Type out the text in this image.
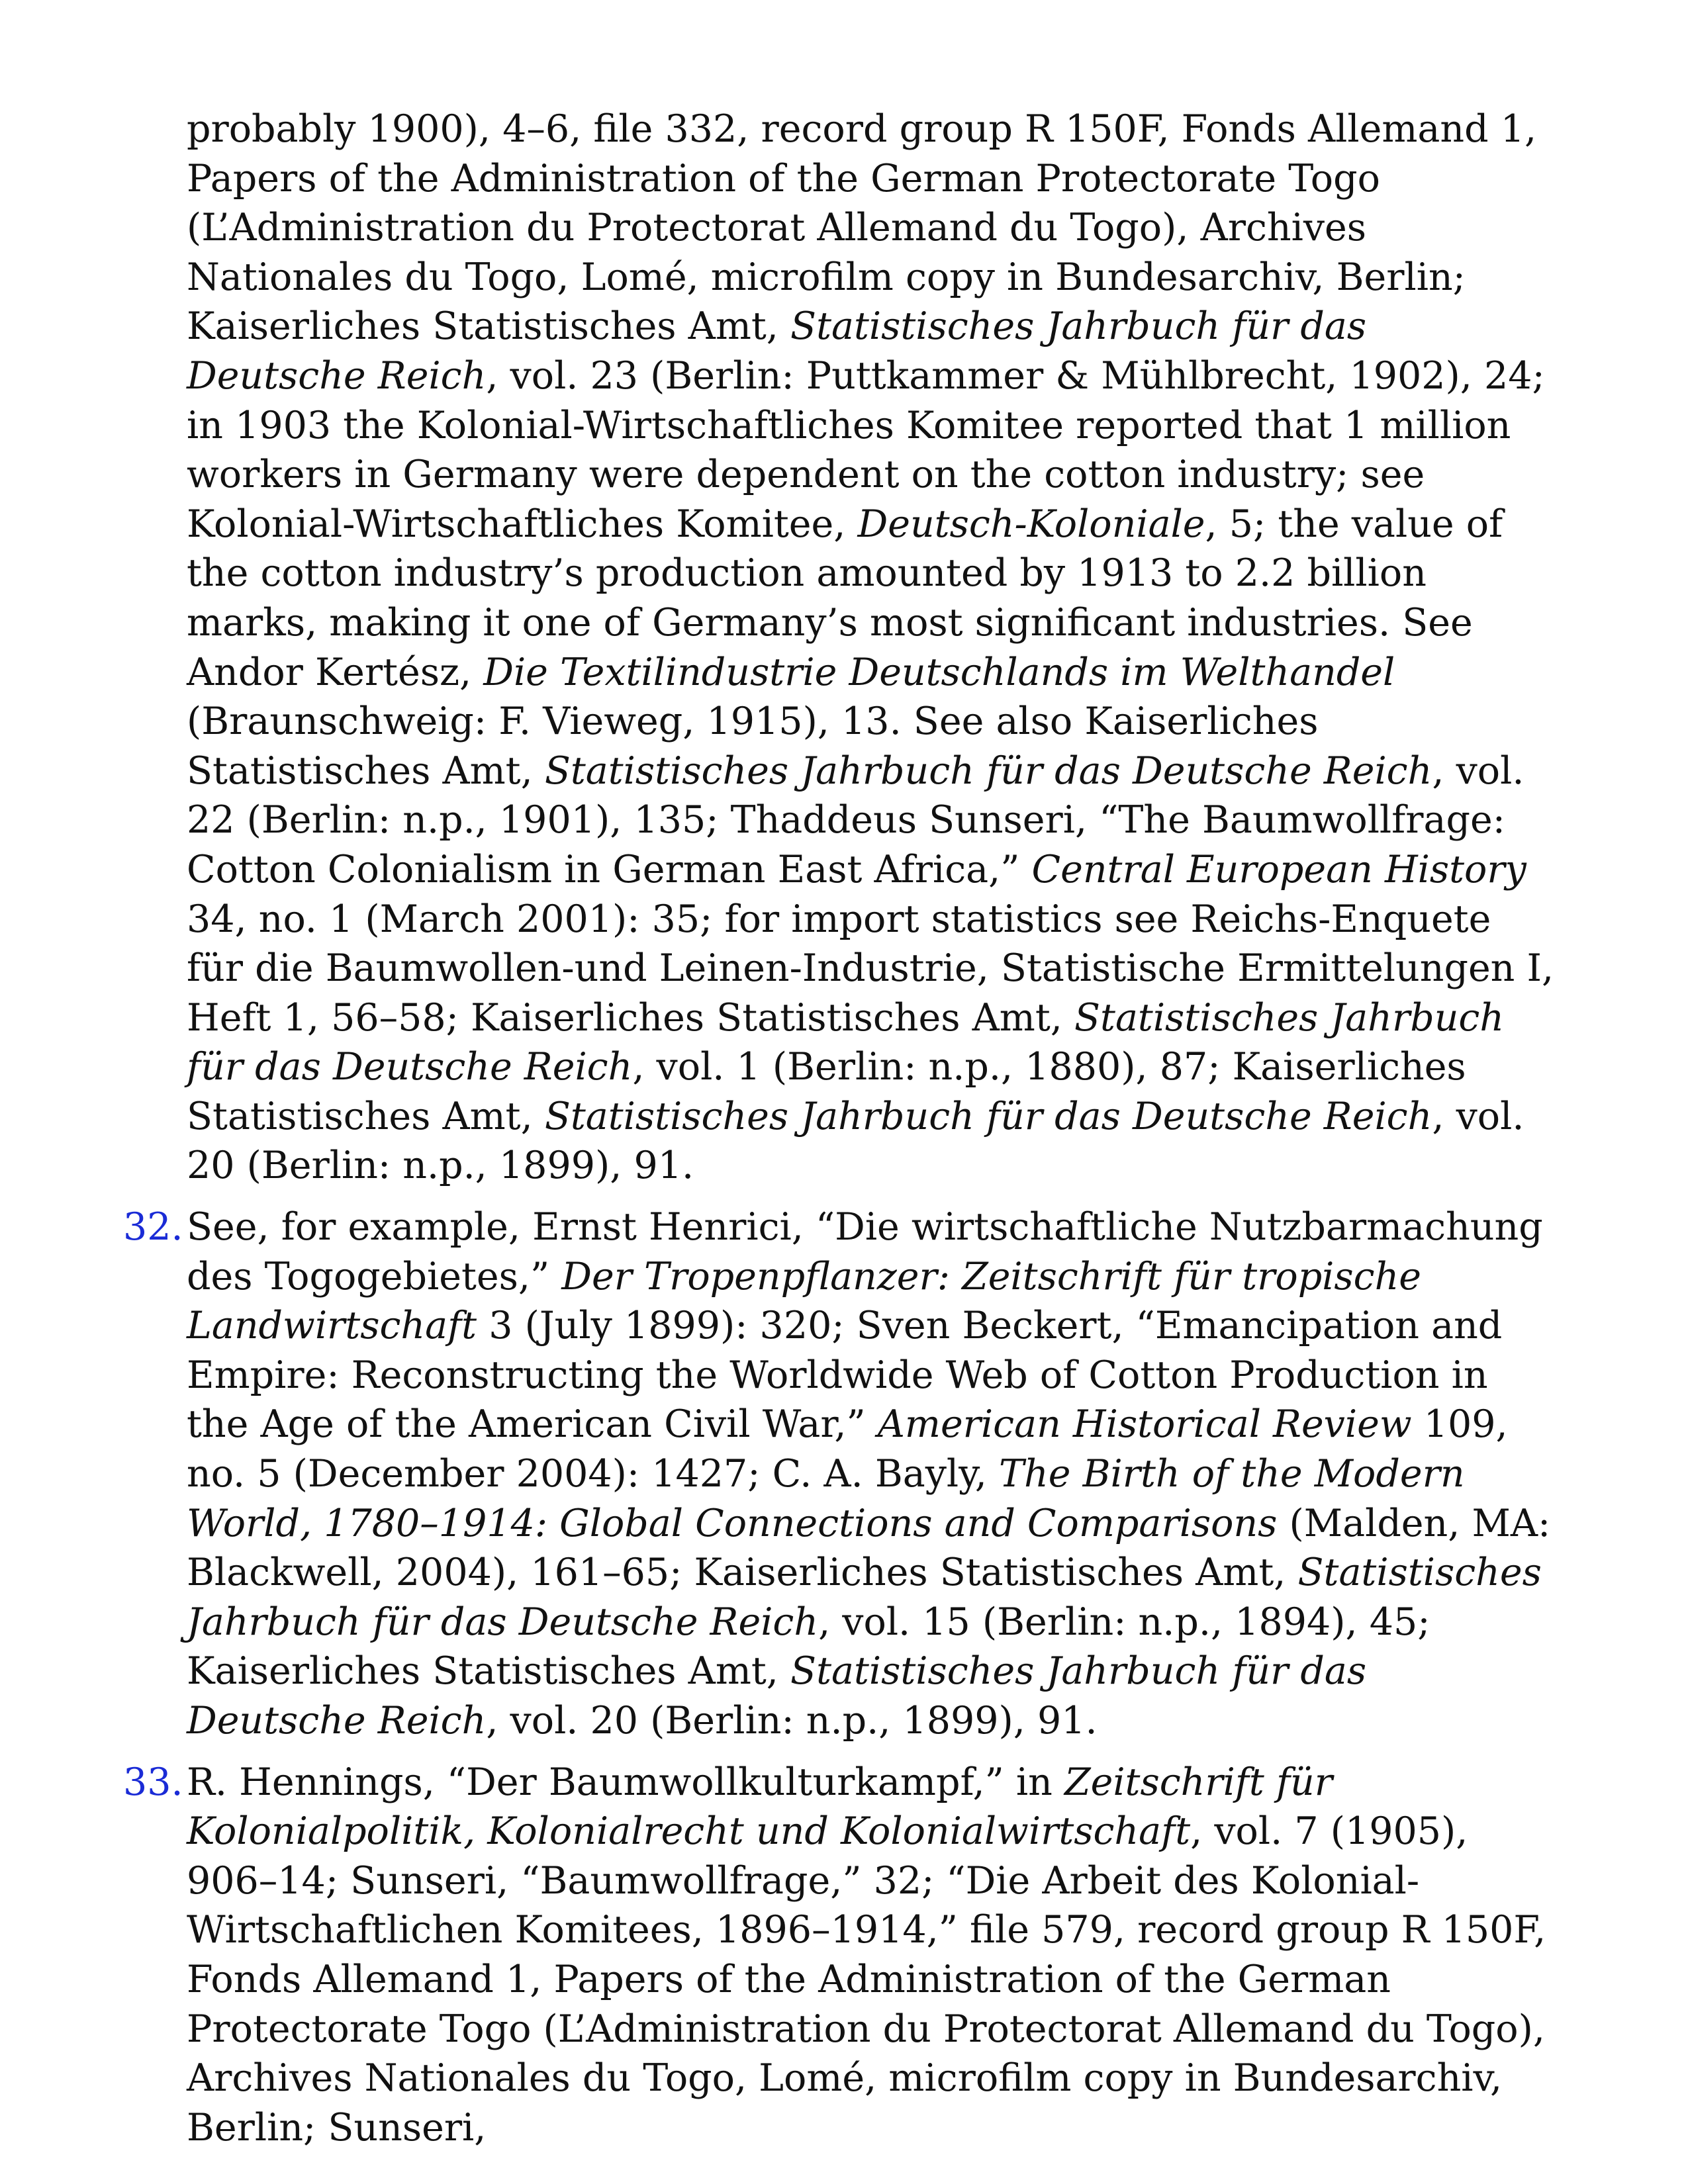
probably 1900), 4–6, file 332, record group R 150F, Fonds Allemand 1, Papers of the Administration of the German Protectorate Togo (L’Administration du Protectorat Allemand du Togo), Archives Nationales du Togo, Lomé, microfilm copy in Bundesarchiv, Berlin; Kaiserliches Statistisches Amt, Statistisches Jahrbuch für das Deutsche Reich, vol. 23 (Berlin: Puttkammer & Mühlbrecht, 1902), 24; in 1903 the Kolonial-Wirtschaftliches Komitee reported that 1 million workers in Germany were dependent on the cotton industry; see Kolonial-Wirtschaftliches Komitee, Deutsch-Koloniale, 5; the value of the cotton industry’s production amounted by 1913 to 2.2 billion marks, making it one of Germany’s most significant industries. See Andor Kertész, Die Textilindustrie Deutschlands im Welthandel (Braunschweig: F. Vieweg, 1915), 13. See also Kaiserliches Statistisches Amt, Statistisches Jahrbuch für das Deutsche Reich, vol. 22 (Berlin: n.p., 1901), 135; Thaddeus Sunseri, “The Baumwollfrage: Cotton Colonialism in German East Africa,” Central European History 34, no. 1 (March 2001): 35; for import statistics see Reichs-Enquete für die Baumwollen-und Leinen-Industrie, Statistische Ermittelungen I, Heft 1, 56–58; Kaiserliches Statistisches Amt, Statistisches Jahrbuch für das Deutsche Reich, vol. 1 (Berlin: n.p., 1880), 87; Kaiserliches Statistisches Amt, Statistisches Jahrbuch für das Deutsche Reich, vol. 20 (Berlin: n.p., 1899), 91.
32. See, for example, Ernst Henrici, “Die wirtschaftliche Nutzbarmachung des Togogebietes,” Der Tropenpflanzer: Zeitschrift für tropische Landwirtschaft 3 (July 1899): 320; Sven Beckert, “Emancipation and Empire: Reconstructing the Worldwide Web of Cotton Production in the Age of the American Civil War,” American Historical Review 109, no. 5 (December 2004): 1427; C. A. Bayly, The Birth of the Modern World, 1780–1914: Global Connections and Comparisons (Malden, MA: Blackwell, 2004), 161–65; Kaiserliches Statistisches Amt, Statistisches Jahrbuch für das Deutsche Reich, vol. 15 (Berlin: n.p., 1894), 45; Kaiserliches Statistisches Amt, Statistisches Jahrbuch für das Deutsche Reich, vol. 20 (Berlin: n.p., 1899), 91.
33. R. Hennings, “Der Baumwollkulturkampf,” in Zeitschrift für Kolonialpolitik, Kolonialrecht und Kolonialwirtschaft, vol. 7 (1905), 906–14; Sunseri, “Baumwollfrage,” 32; “Die Arbeit des Kolonial-Wirtschaftlichen Komitees, 1896–1914,” file 579, record group R 150F, Fonds Allemand 1, Papers of the Administration of the German Protectorate Togo (L’Administration du Protectorat Allemand du Togo), Archives Nationales du Togo, Lomé, microfilm copy in Bundesarchiv, Berlin; Sunseri,
